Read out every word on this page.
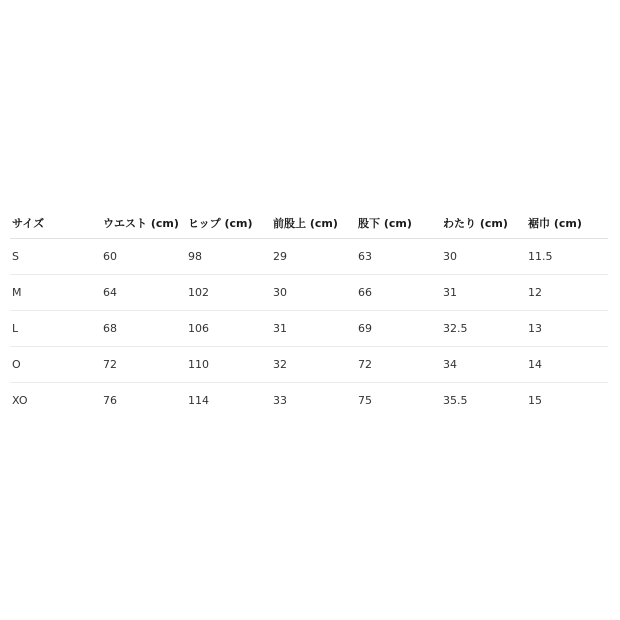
サイズ	ウエスト (cm)	ヒップ (cm)	前股上 (cm)	股下 (cm)	わたり (cm)	裾巾 (cm)
S	60	98	29	63	30	11.5
M	64	102	30	66	31	12
L	68	106	31	69	32.5	13
O	72	110	32	72	34	14
XO	76	114	33	75	35.5	15
